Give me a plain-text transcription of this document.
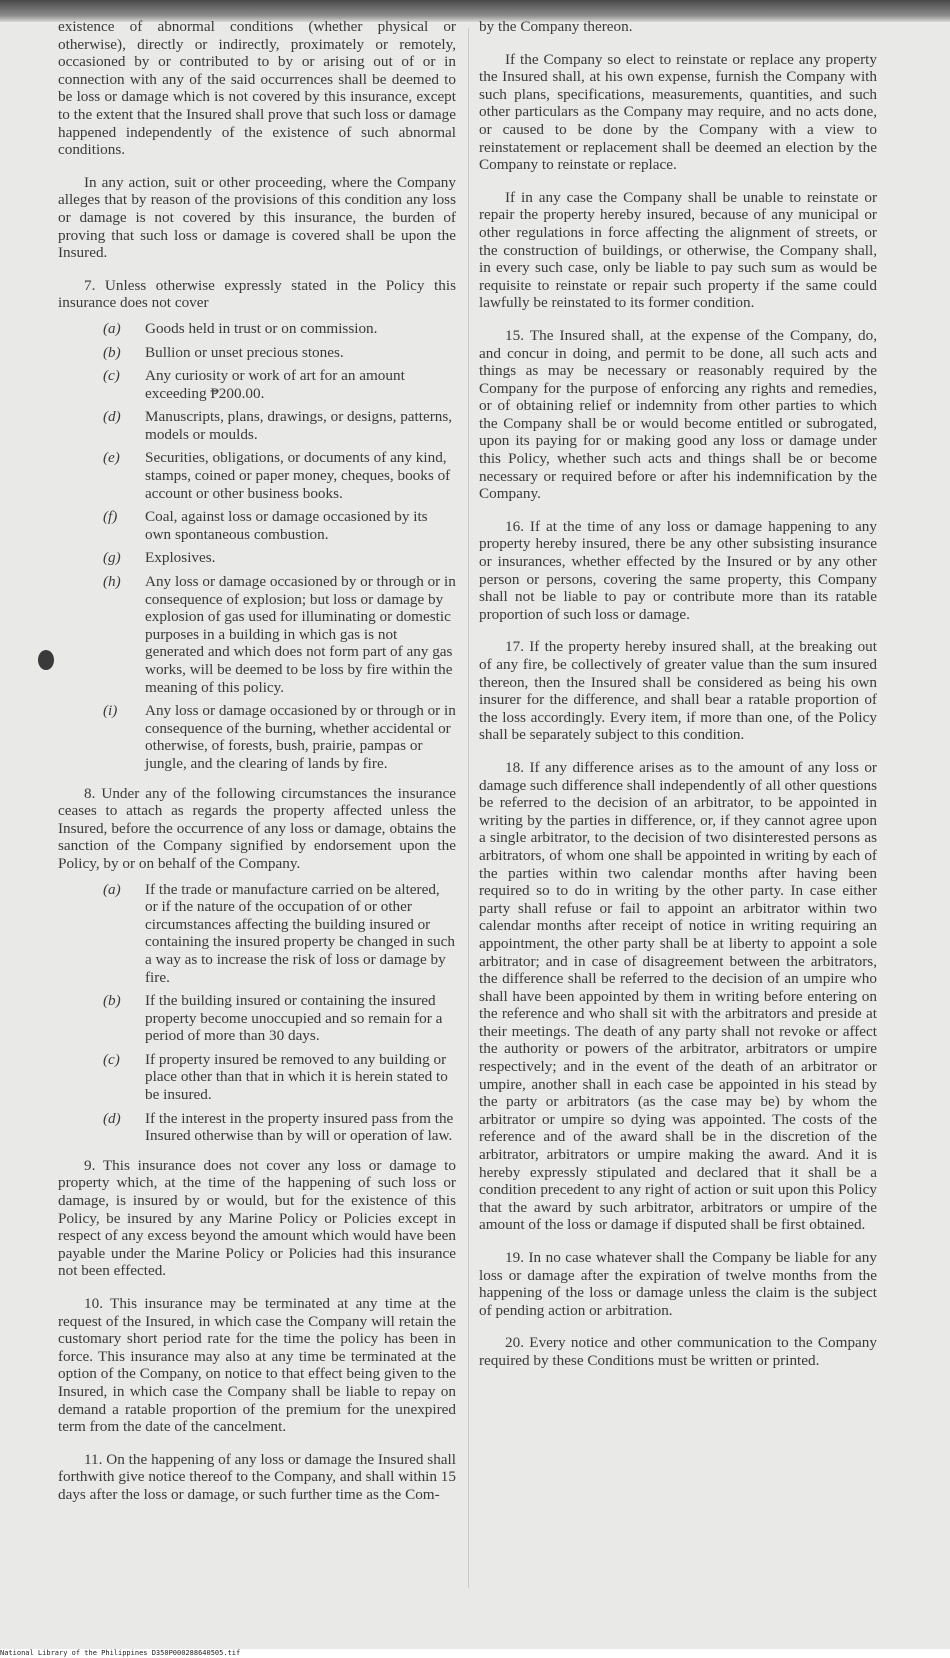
existence of abnormal conditions (whether physical or otherwise), directly or indirectly, proximately or remotely, occasioned by or contributed to by or arising out of or in connection with any of the said occurrences shall be deemed to be loss or damage which is not covered by this insurance, except to the extent that the Insured shall prove that such loss or damage happened independently of the existence of such abnormal conditions.

In any action, suit or other proceeding, where the Company alleges that by reason of the provisions of this condition any loss or damage is not covered by this insurance, the burden of proving that such loss or damage is covered shall be upon the Insured.

7. Unless otherwise expressly stated in the Policy this insurance does not cover

(a)	Goods held in trust or on commission.
(b)	Bullion or unset precious stones.
(c)	Any curiosity or work of art for an amount exceeding ₱200.00.
(d)	Manuscripts, plans, drawings, or designs, patterns, models or moulds.
(e)	Securities, obligations, or documents of any kind, stamps, coined or paper money, cheques, books of account or other business books.
(f)	Coal, against loss or damage occasioned by its own spontaneous combustion.
(g)	Explosives.
(h)	Any loss or damage occasioned by or through or in consequence of explosion; but loss or damage by explosion of gas used for illuminating or domestic purposes in a building in which gas is not generated and which does not form part of any gas works, will be deemed to be loss by fire within the meaning of this policy.
(i)	Any loss or damage occasioned by or through or in consequence of the burning, whether accidental or otherwise, of forests, bush, prairie, pampas or jungle, and the clearing of lands by fire.

8. Under any of the following circumstances the insurance ceases to attach as regards the property affected unless the Insured, before the occurrence of any loss or damage, obtains the sanction of the Company signified by endorsement upon the Policy, by or on behalf of the Company.

(a)	If the trade or manufacture carried on be altered, or if the nature of the occupation of or other circumstances affecting the building insured or containing the insured property be changed in such a way as to increase the risk of loss or damage by fire.
(b)	If the building insured or containing the insured property become unoccupied and so remain for a period of more than 30 days.
(c)	If property insured be removed to any building or place other than that in which it is herein stated to be insured.
(d)	If the interest in the property insured pass from the Insured otherwise than by will or operation of law.

9. This insurance does not cover any loss or damage to property which, at the time of the happening of such loss or damage, is insured by or would, but for the existence of this Policy, be insured by any Marine Policy or Policies except in respect of any excess beyond the amount which would have been payable under the Marine Policy or Policies had this insurance not been effected.

10. This insurance may be terminated at any time at the request of the Insured, in which case the Company will retain the customary short period rate for the time the policy has been in force. This insurance may also at any time be terminated at the option of the Company, on notice to that effect being given to the Insured, in which case the Company shall be liable to repay on demand a ratable proportion of the premium for the unexpired term from the date of the cancelment.

11. On the happening of any loss or damage the Insured shall forthwith give notice thereof to the Company, and shall within 15 days after the loss or damage, or such further time as the Com-

by the Company thereon.

If the Company so elect to reinstate or replace any property the Insured shall, at his own expense, furnish the Company with such plans, specifications, measurements, quantities, and such other particulars as the Company may require, and no acts done, or caused to be done by the Company with a view to reinstatement or replacement shall be deemed an election by the Company to reinstate or replace.

If in any case the Company shall be unable to reinstate or repair the property hereby insured, because of any municipal or other regulations in force affecting the alignment of streets, or the construction of buildings, or otherwise, the Company shall, in every such case, only be liable to pay such sum as would be requisite to reinstate or repair such property if the same could lawfully be reinstated to its former condition.

15. The Insured shall, at the expense of the Company, do, and concur in doing, and permit to be done, all such acts and things as may be necessary or reasonably required by the Company for the purpose of enforcing any rights and remedies, or of obtaining relief or indemnity from other parties to which the Company shall be or would become entitled or subrogated, upon its paying for or making good any loss or damage under this Policy, whether such acts and things shall be or become necessary or required before or after his indemnification by the Company.

16. If at the time of any loss or damage happening to any property hereby insured, there be any other subsisting insurance or insurances, whether effected by the Insured or by any other person or persons, covering the same property, this Company shall not be liable to pay or contribute more than its ratable proportion of such loss or damage.

17. If the property hereby insured shall, at the breaking out of any fire, be collectively of greater value than the sum insured thereon, then the Insured shall be considered as being his own insurer for the difference, and shall bear a ratable proportion of the loss accordingly. Every item, if more than one, of the Policy shall be separately subject to this condition.

18. If any difference arises as to the amount of any loss or damage such difference shall independently of all other questions be referred to the decision of an arbitrator, to be appointed in writing by the parties in difference, or, if they cannot agree upon a single arbitrator, to the decision of two disinterested persons as arbitrators, of whom one shall be appointed in writing by each of the parties within two calendar months after having been required so to do in writing by the other party. In case either party shall refuse or fail to appoint an arbitrator within two calendar months after receipt of notice in writing requiring an appointment, the other party shall be at liberty to appoint a sole arbitrator; and in case of disagreement between the arbitrators, the difference shall be referred to the decision of an umpire who shall have been appointed by them in writing before entering on the reference and who shall sit with the arbitrators and preside at their meetings. The death of any party shall not revoke or affect the authority or powers of the arbitrator, arbitrators or umpire respectively; and in the event of the death of an arbitrator or umpire, another shall in each case be appointed in his stead by the party or arbitrators (as the case may be) by whom the arbitrator or umpire so dying was appointed. The costs of the reference and of the award shall be in the discretion of the arbitrator, arbitrators or umpire making the award. And it is hereby expressly stipulated and declared that it shall be a condition precedent to any right of action or suit upon this Policy that the award by such arbitrator, arbitrators or umpire of the amount of the loss or damage if disputed shall be first obtained.

19. In no case whatever shall the Company be liable for any loss or damage after the expiration of twelve months from the happening of the loss or damage unless the claim is the subject of pending action or arbitration.

20. Every notice and other communication to the Company required by these Conditions must be written or printed.

National Library of the Philippines D350P000288640505.tif
